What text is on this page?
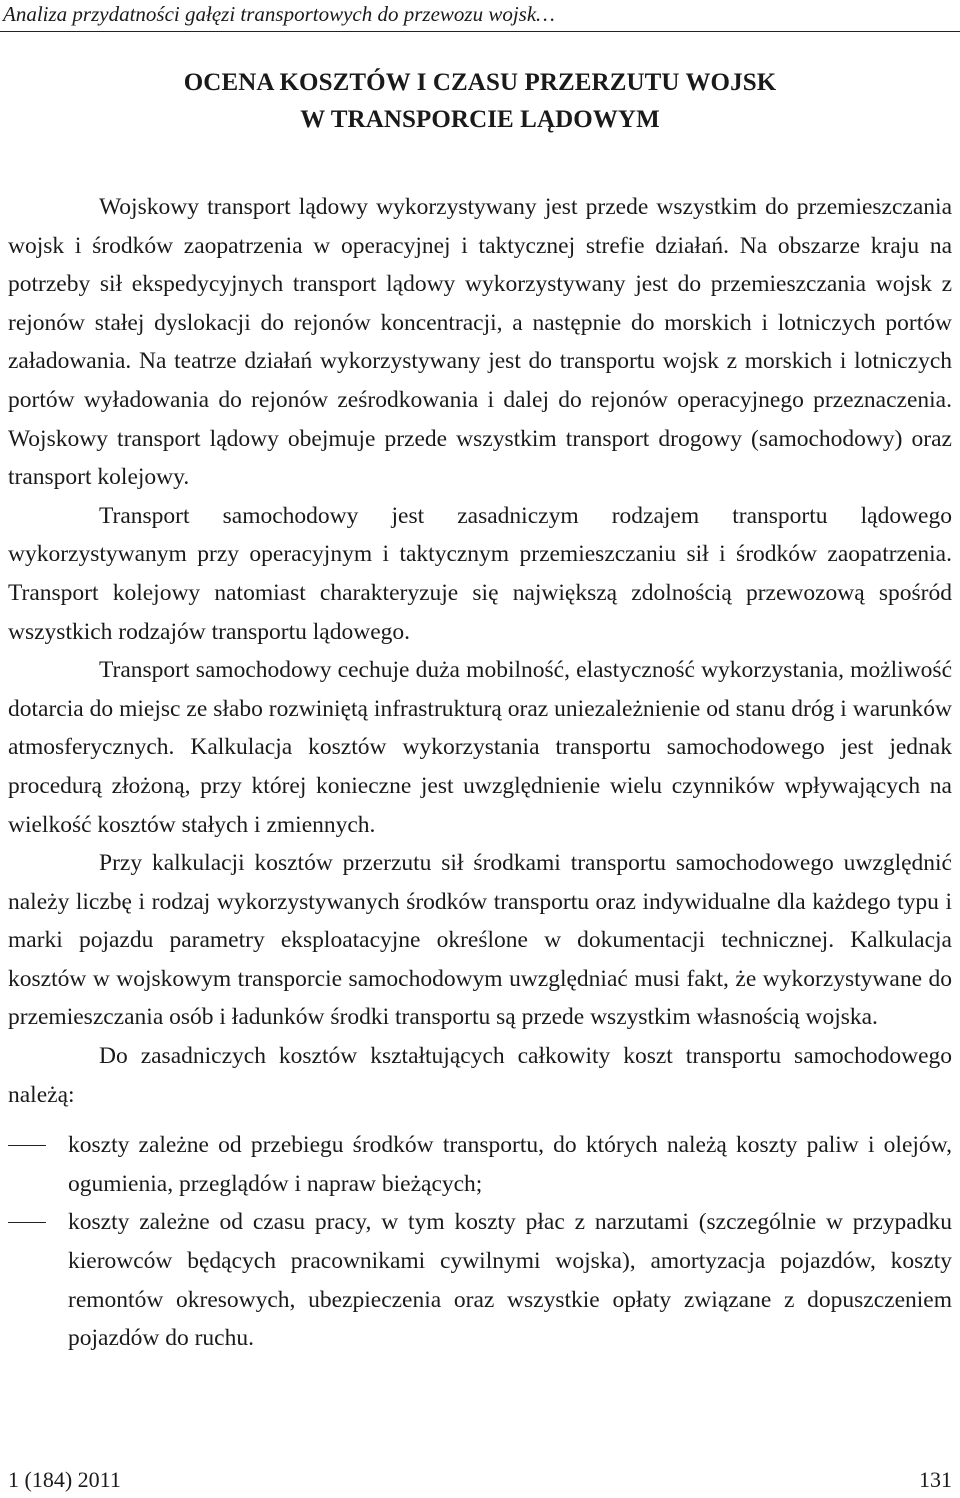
Analiza przydatności gałęzi transportowych do przewozu wojsk…
OCENA KOSZTÓW I CZASU PRZERZUTU WOJSK
W TRANSPORCIE LĄDOWYM

Wojskowy transport lądowy wykorzystywany jest przede wszystkim do przemieszczania wojsk i środków zaopatrzenia w operacyjnej i taktycznej strefie działań. Na obszarze kraju na potrzeby sił ekspedycyjnych transport lądowy wykorzystywany jest do przemieszczania wojsk z rejonów stałej dyslokacji do rejonów koncentracji, a następnie do morskich i lotniczych portów załadowania. Na teatrze działań wykorzystywany jest do transportu wojsk z morskich i lotniczych portów wyładowania do rejonów ześrodkowania i dalej do rejonów operacyjnego przeznaczenia. Wojskowy transport lądowy obejmuje przede wszystkim transport drogowy (samochodowy) oraz transport kolejowy.

Transport samochodowy jest zasadniczym rodzajem transportu lądowego wykorzystywanym przy operacyjnym i taktycznym przemieszczaniu sił i środków zaopatrzenia. Transport kolejowy natomiast charakteryzuje się największą zdolnością przewozową spośród wszystkich rodzajów transportu lądowego.

Transport samochodowy cechuje duża mobilność, elastyczność wykorzystania, możliwość dotarcia do miejsc ze słabo rozwiniętą infrastrukturą oraz uniezależnienie od stanu dróg i warunków atmosferycznych. Kalkulacja kosztów wykorzystania transportu samochodowego jest jednak procedurą złożoną, przy której konieczne jest uwzględnienie wielu czynników wpływających na wielkość kosztów stałych i zmiennych.

Przy kalkulacji kosztów przerzutu sił środkami transportu samochodowego uwzględnić należy liczbę i rodzaj wykorzystywanych środków transportu oraz indywidualne dla każdego typu i marki pojazdu parametry eksploatacyjne określone w dokumentacji technicznej. Kalkulacja kosztów w wojskowym transporcie samochodowym uwzględniać musi fakt, że wykorzystywane do przemieszczania osób i ładunków środki transportu są przede wszystkim własnością wojska.

Do zasadniczych kosztów kształtujących całkowity koszt transportu samochodowego należą:

koszty zależne od przebiegu środków transportu, do których należą koszty paliw i olejów, ogumienia, przeglądów i napraw bieżących;
koszty zależne od czasu pracy, w tym koszty płac z narzutami (szczególnie w przypadku kierowców będących pracownikami cywilnymi wojska), amortyzacja pojazdów, koszty remontów okresowych, ubezpieczenia oraz wszystkie opłaty związane z dopuszczeniem pojazdów do ruchu.
1 (184) 2011	131
